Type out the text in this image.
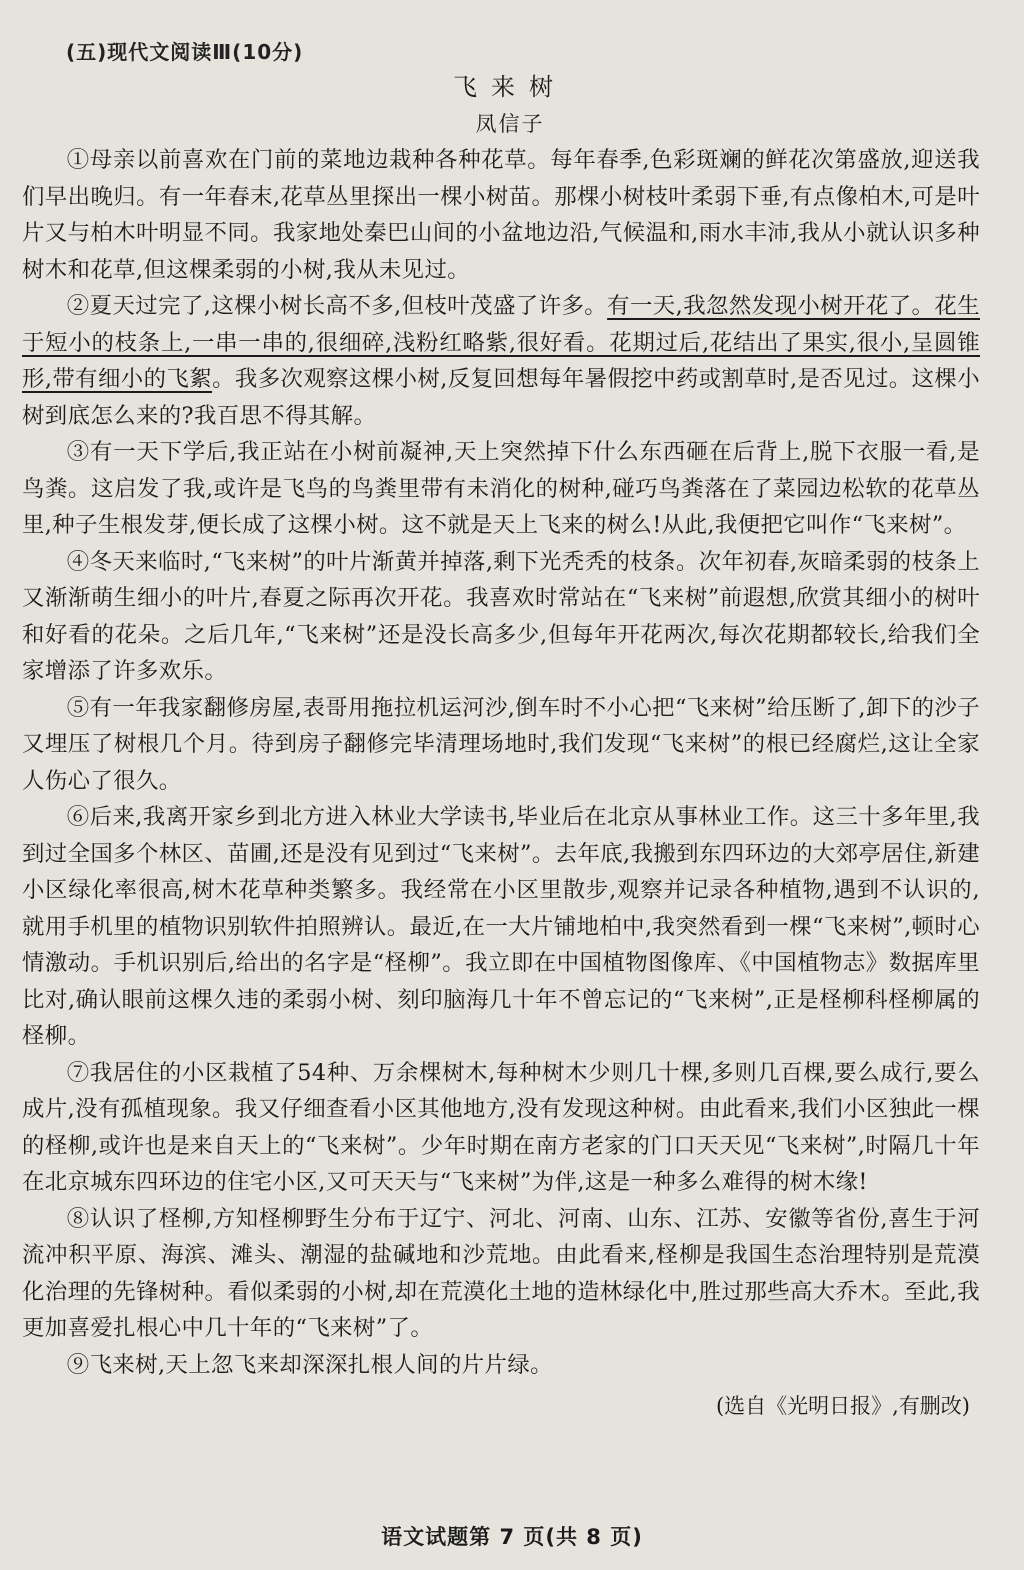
(五)现代文阅读Ⅲ(10分)
飞来树
凤信子

①母亲以前喜欢在门前的菜地边栽种各种花草。每年春季,色彩斑斓的鲜花次第盛放,迎送我们早出晚归。有一年春末,花草丛里探出一棵小树苗。那棵小树枝叶柔弱下垂,有点像柏木,可是叶片又与柏木叶明显不同。我家地处秦巴山间的小盆地边沿,气候温和,雨水丰沛,我从小就认识多种树木和花草,但这棵柔弱的小树,我从未见过。

②夏天过完了,这棵小树长高不多,但枝叶茂盛了许多。有一天,我忽然发现小树开花了。花生于短小的枝条上,一串一串的,很细碎,浅粉红略紫,很好看。花期过后,花结出了果实,很小,呈圆锥形,带有细小的飞絮。我多次观察这棵小树,反复回想每年暑假挖中药或割草时,是否见过。这棵小树到底怎么来的?我百思不得其解。

③有一天下学后,我正站在小树前凝神,天上突然掉下什么东西砸在后背上,脱下衣服一看,是鸟粪。这启发了我,或许是飞鸟的鸟粪里带有未消化的树种,碰巧鸟粪落在了菜园边松软的花草丛里,种子生根发芽,便长成了这棵小树。这不就是天上飞来的树么!从此,我便把它叫作“飞来树”。

④冬天来临时,“飞来树”的叶片渐黄并掉落,剩下光秃秃的枝条。次年初春,灰暗柔弱的枝条上又渐渐萌生细小的叶片,春夏之际再次开花。我喜欢时常站在“飞来树”前遐想,欣赏其细小的树叶和好看的花朵。之后几年,“飞来树”还是没长高多少,但每年开花两次,每次花期都较长,给我们全家增添了许多欢乐。

⑤有一年我家翻修房屋,表哥用拖拉机运河沙,倒车时不小心把“飞来树”给压断了,卸下的沙子又埋压了树根几个月。待到房子翻修完毕清理场地时,我们发现“飞来树”的根已经腐烂,这让全家人伤心了很久。

⑥后来,我离开家乡到北方进入林业大学读书,毕业后在北京从事林业工作。这三十多年里,我到过全国多个林区、苗圃,还是没有见到过“飞来树”。去年底,我搬到东四环边的大郊亭居住,新建小区绿化率很高,树木花草种类繁多。我经常在小区里散步,观察并记录各种植物,遇到不认识的,就用手机里的植物识别软件拍照辨认。最近,在一大片铺地柏中,我突然看到一棵“飞来树”,顿时心情激动。手机识别后,给出的名字是“柽柳”。我立即在中国植物图像库、《中国植物志》数据库里比对,确认眼前这棵久违的柔弱小树、刻印脑海几十年不曾忘记的“飞来树”,正是柽柳科柽柳属的柽柳。

⑦我居住的小区栽植了54种、万余棵树木,每种树木少则几十棵,多则几百棵,要么成行,要么成片,没有孤植现象。我又仔细查看小区其他地方,没有发现这种树。由此看来,我们小区独此一棵的柽柳,或许也是来自天上的“飞来树”。少年时期在南方老家的门口天天见“飞来树”,时隔几十年在北京城东四环边的住宅小区,又可天天与“飞来树”为伴,这是一种多么难得的树木缘!

⑧认识了柽柳,方知柽柳野生分布于辽宁、河北、河南、山东、江苏、安徽等省份,喜生于河流冲积平原、海滨、滩头、潮湿的盐碱地和沙荒地。由此看来,柽柳是我国生态治理特别是荒漠化治理的先锋树种。看似柔弱的小树,却在荒漠化土地的造林绿化中,胜过那些高大乔木。至此,我更加喜爱扎根心中几十年的“飞来树”了。

⑨飞来树,天上忽飞来却深深扎根人间的片片绿。

(选自《光明日报》,有删改)
语文试题第 7 页(共 8 页)
